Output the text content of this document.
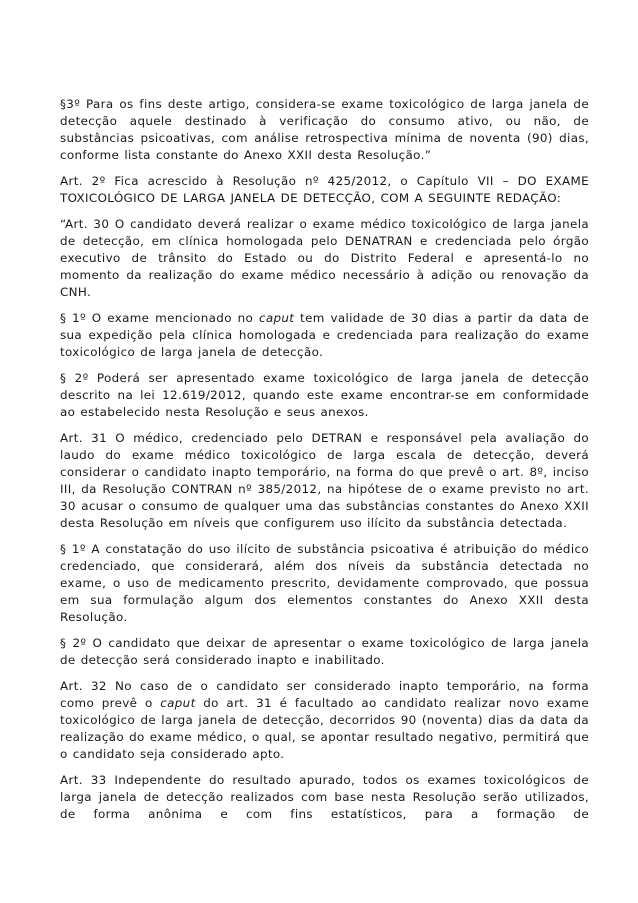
§3º Para os fins deste artigo, considera-se exame toxicológico de larga janela de detecção aquele destinado à verificação do consumo ativo, ou não, de substâncias psicoativas, com análise retrospectiva mínima de noventa (90) dias, conforme lista constante do Anexo XXII desta Resolução.”

Art. 2º Fica acrescido à Resolução nº 425/2012, o Capítulo VII – DO EXAME TOXICOLÓGICO DE LARGA JANELA DE DETECÇÃO, COM A SEGUINTE REDAÇÃO:

“Art. 30 O candidato deverá realizar o exame médico toxicológico de larga janela de detecção, em clínica homologada pelo DENATRAN e credenciada pelo órgão executivo de trânsito do Estado ou do Distrito Federal e apresentá-lo no momento da realização do exame médico necessário à adição ou renovação da CNH.

§ 1º O exame mencionado no caput tem validade de 30 dias a partir da data de sua expedição pela clínica homologada e credenciada para realização do exame toxicológico de larga janela de detecção.

§ 2º Poderá ser apresentado exame toxicológico de larga janela de detecção descrito na lei 12.619/2012, quando este exame encontrar-se em conformidade ao estabelecido nesta Resolução e seus anexos.

Art. 31 O médico, credenciado pelo DETRAN e responsável pela avaliação do laudo do exame médico toxicológico de larga escala de detecção, deverá considerar o candidato inapto temporário, na forma do que prevê o art. 8º, inciso III, da Resolução CONTRAN nº 385/2012, na hipótese de o exame previsto no art. 30 acusar o consumo de qualquer uma das substâncias constantes do Anexo XXII desta Resolução em níveis que configurem uso ilícito da substância detectada.

§ 1º A constatação do uso ilícito de substância psicoativa é atribuição do médico credenciado, que considerará, além dos níveis da substância detectada no exame, o uso de medicamento prescrito, devidamente comprovado, que possua em sua formulação algum dos elementos constantes do Anexo XXII desta Resolução.

§ 2º O candidato que deixar de apresentar o exame toxicológico de larga janela de detecção será considerado inapto e inabilitado.

Art. 32 No caso de o candidato ser considerado inapto temporário, na forma como prevê o caput do art. 31 é facultado ao candidato realizar novo exame toxicológico de larga janela de detecção, decorridos 90 (noventa) dias da data da realização do exame médico, o qual, se apontar resultado negativo, permitirá que o candidato seja considerado apto.

Art. 33 Independente do resultado apurado, todos os exames toxicológicos de larga janela de detecção realizados com base nesta Resolução serão utilizados, de forma anônima e com fins estatísticos, para a formação de
